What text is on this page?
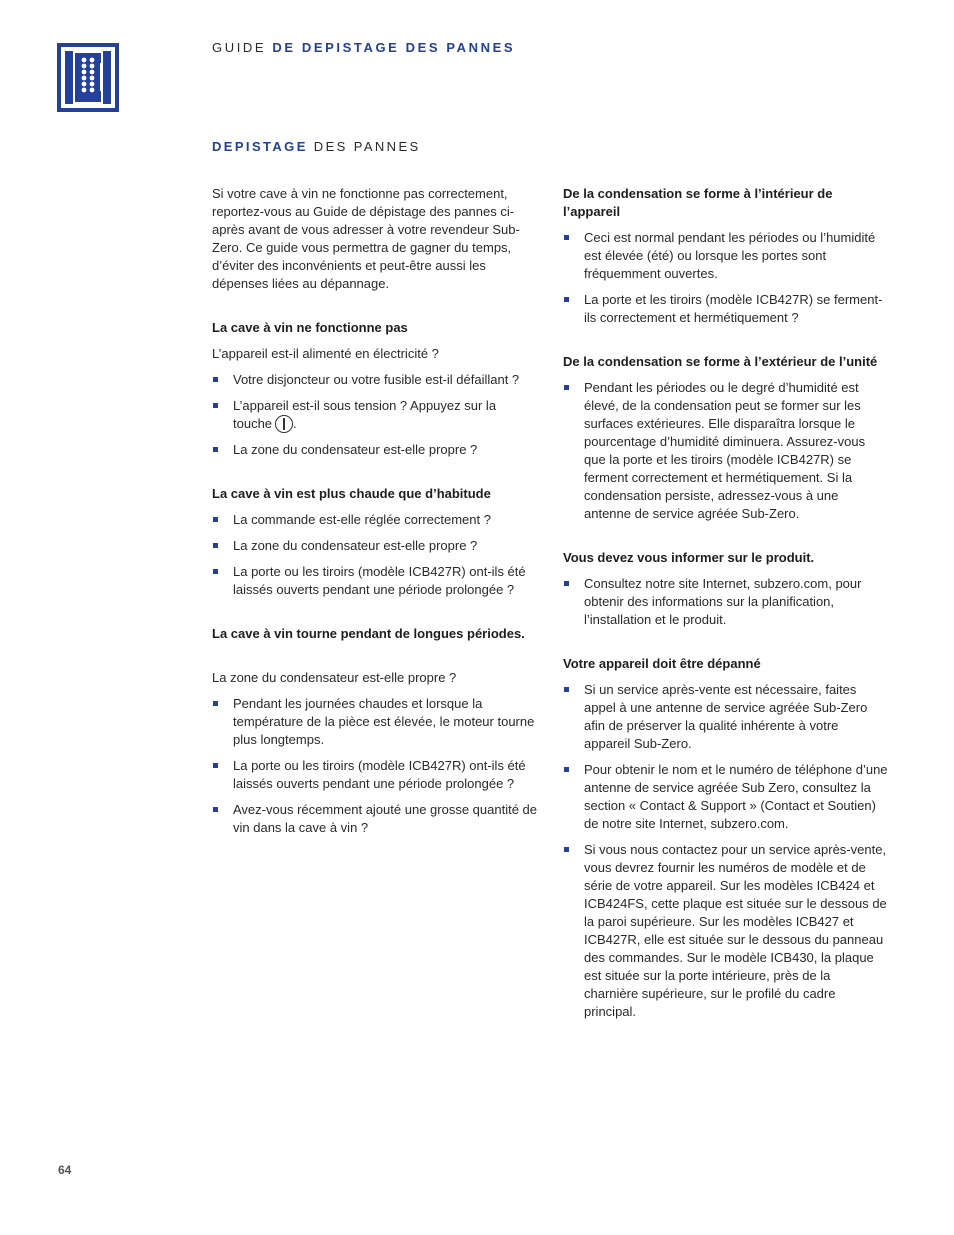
GUIDE DE DEPISTAGE DES PANNES
DEPISTAGE DES PANNES

Si votre cave à vin ne fonctionne pas correctement, reportez-vous au Guide de dépistage des pannes ci-après avant de vous adresser à votre revendeur Sub-Zero. Ce guide vous permettra de gagner du temps, d’éviter des inconvénients et peut-être aussi les dépenses liées au dépannage.

La cave à vin ne fonctionne pas

L’appareil est-il alimenté en électricité ?

Votre disjoncteur ou votre fusible est-il défaillant ?
L’appareil est-il sous tension ? Appuyez sur la touche .
La zone du condensateur est-elle propre ?

La cave à vin est plus chaude que d’habitude

La commande est-elle réglée correctement ?
La zone du condensateur est-elle propre ?
La porte ou les tiroirs (modèle ICB427R) ont-ils été laissés ouverts pendant une période prolongée ?

La cave à vin tourne pendant de longues périodes.

La zone du condensateur est-elle propre ?

Pendant les journées chaudes et lorsque la température de la pièce est élevée, le moteur tourne plus longtemps.
La porte ou les tiroirs (modèle ICB427R) ont-ils été laissés ouverts pendant une période prolongée ?
Avez-vous récemment ajouté une grosse quantité de vin dans la cave à vin ?

De la condensation se forme à l’intérieur de l’appareil

Ceci est normal pendant les périodes ou l’humidité est élevée (été) ou lorsque les portes sont fréquemment ouvertes.
La porte et les tiroirs (modèle ICB427R) se ferment-ils correctement et hermétiquement ?

De la condensation se forme à l’extérieur de l’unité

Pendant les périodes ou le degré d’humidité est élevé, de la condensation peut se former sur les surfaces extérieures. Elle disparaîtra lorsque le pourcentage d’humidité diminuera. Assurez-vous que la porte et les tiroirs (modèle ICB427R) se ferment correctement et hermétiquement. Si la condensation persiste, adressez-vous à une antenne de service agréée Sub-Zero.

Vous devez vous informer sur le produit.

Consultez notre site Internet, subzero.com, pour obtenir des informations sur la planification, l’installation et le produit.

Votre appareil doit être dépanné

Si un service après-vente est nécessaire, faites appel à une antenne de service agréée Sub-Zero afin de préserver la qualité inhérente à votre appareil Sub-Zero.
Pour obtenir le nom et le numéro de téléphone d’une antenne de service agréée Sub Zero, consultez la section « Contact & Support » (Contact et Soutien) de notre site Internet, subzero.com.
Si vous nous contactez pour un service après-vente, vous devrez fournir les numéros de modèle et de série de votre appareil. Sur les modèles ICB424 et ICB424FS, cette plaque est située sur le dessous de la paroi supérieure. Sur les modèles ICB427 et ICB427R, elle est située sur le dessous du panneau des commandes. Sur le modèle ICB430, la plaque est située sur la porte intérieure, près de la charnière supérieure, sur le profilé du cadre principal.
64
